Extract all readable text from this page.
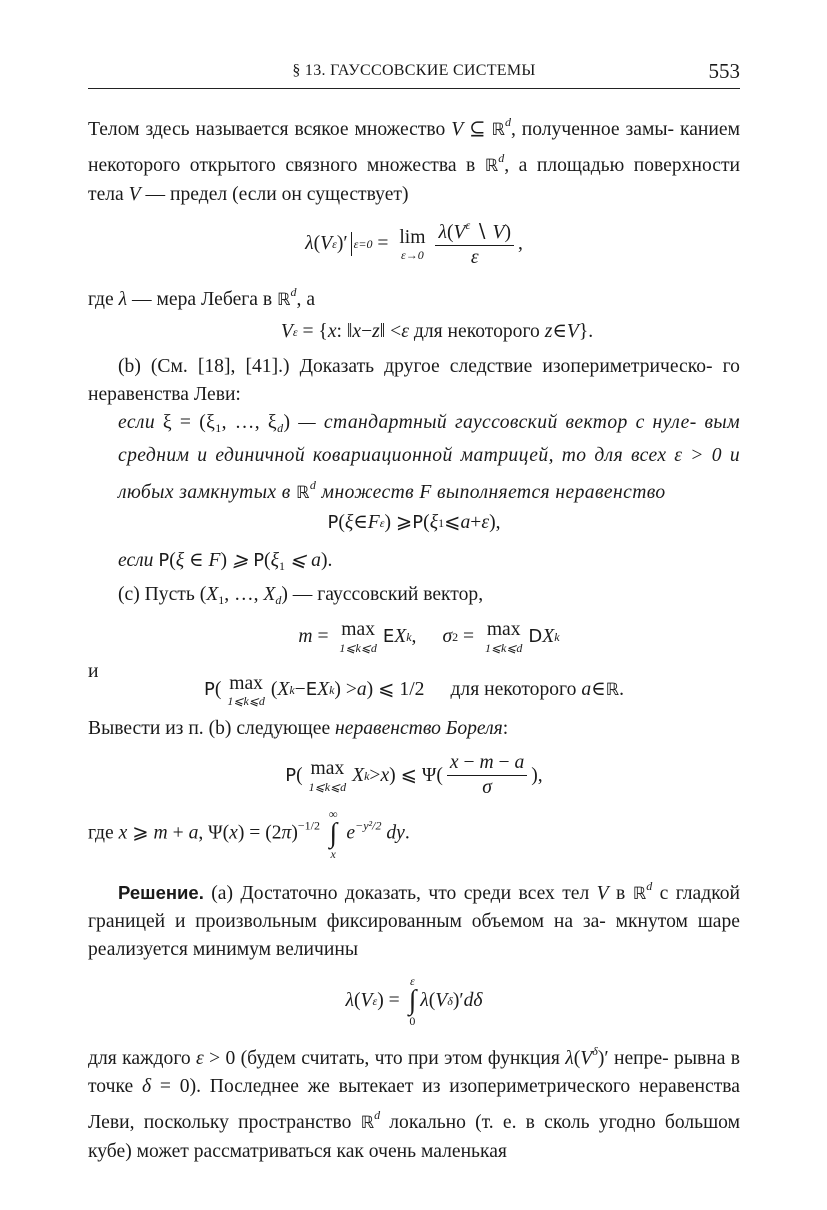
§ 13. ГАУССОВСКИЕ СИСТЕМЫ	553

Телом здесь называется всякое множество V ⊆ ℝ$^d$, полученное замы- канием некоторого открытого связного множества в ℝ$^d$, а площадью поверхности тела V — предел (если он существует)

λ ( V ε )′ ε=0 = lim
$\varepsilon\to 0 \frac{\lambda(V^\varepsilon ∖ V)}{\varepsilon}$ ,

где λ — мера Лебега в ℝ$^d$, а

V ε = { x : ‖ x − z ‖ < ε
для некоторого
z ∈ V }.

(b) (См. [18], [41].) Доказать другое следствие изопериметрическо- го неравенства Леви:

если $\xi = (\xi_1$, …, $\xi_d$) — стандартный гауссовский вектор с нуле- вым средним и единичной ковариационной матрицей, то для всех ε > 0 и любых замкнутых в ℝ$^d$ множеств F выполняется неравенство

P ( ξ ∈ F ε ) ⩾ P ( ξ 1 ⩽ a + ε ),

если P(ξ ∈ F) ⩾ $P(\xi_1$ ⩽ a).

(c) Пусть ($X_1$, …, $X_d$) — гауссовский вектор,

m = max
1⩽k⩽d
E X k , σ 2 = max
1⩽k⩽d
D X k

и

P ( max
1⩽k⩽d
( X k − E X k ) > a ) ⩽ 1/2 для некоторого
a ∈ ℝ .

Вывести из п. (b) следующее неравенство Бореля:

P ( max
1⩽k⩽d
X k > x ) ⩽ $\Psi( \frac{x - m - a}{\sigma}$ ),

где x ⩾ m + a, $\Psi(x) = (2\pi)^{-1/2}$
∞
∫
x
$e^{-y^2/2}$ dy.

Решение. (a) Достаточно доказать, что среди всех тел V в ℝ$^d$ с гладкой границей и произвольным фиксированным объемом на за- мкнутом шаре реализуется минимум величины

λ ( V ε ) =
ε
∫
0
λ ( V δ )′ dδ

для каждого ε > 0 (будем считать, что при этом функция $\lambda(V^\delta)'$ непре- рывна в точке δ = 0). Последнее же вытекает из изопериметрического неравенства Леви, поскольку пространство ℝ$^d$ локально (т. е. в сколь угодно большом кубе) может рассматриваться как очень маленькая
